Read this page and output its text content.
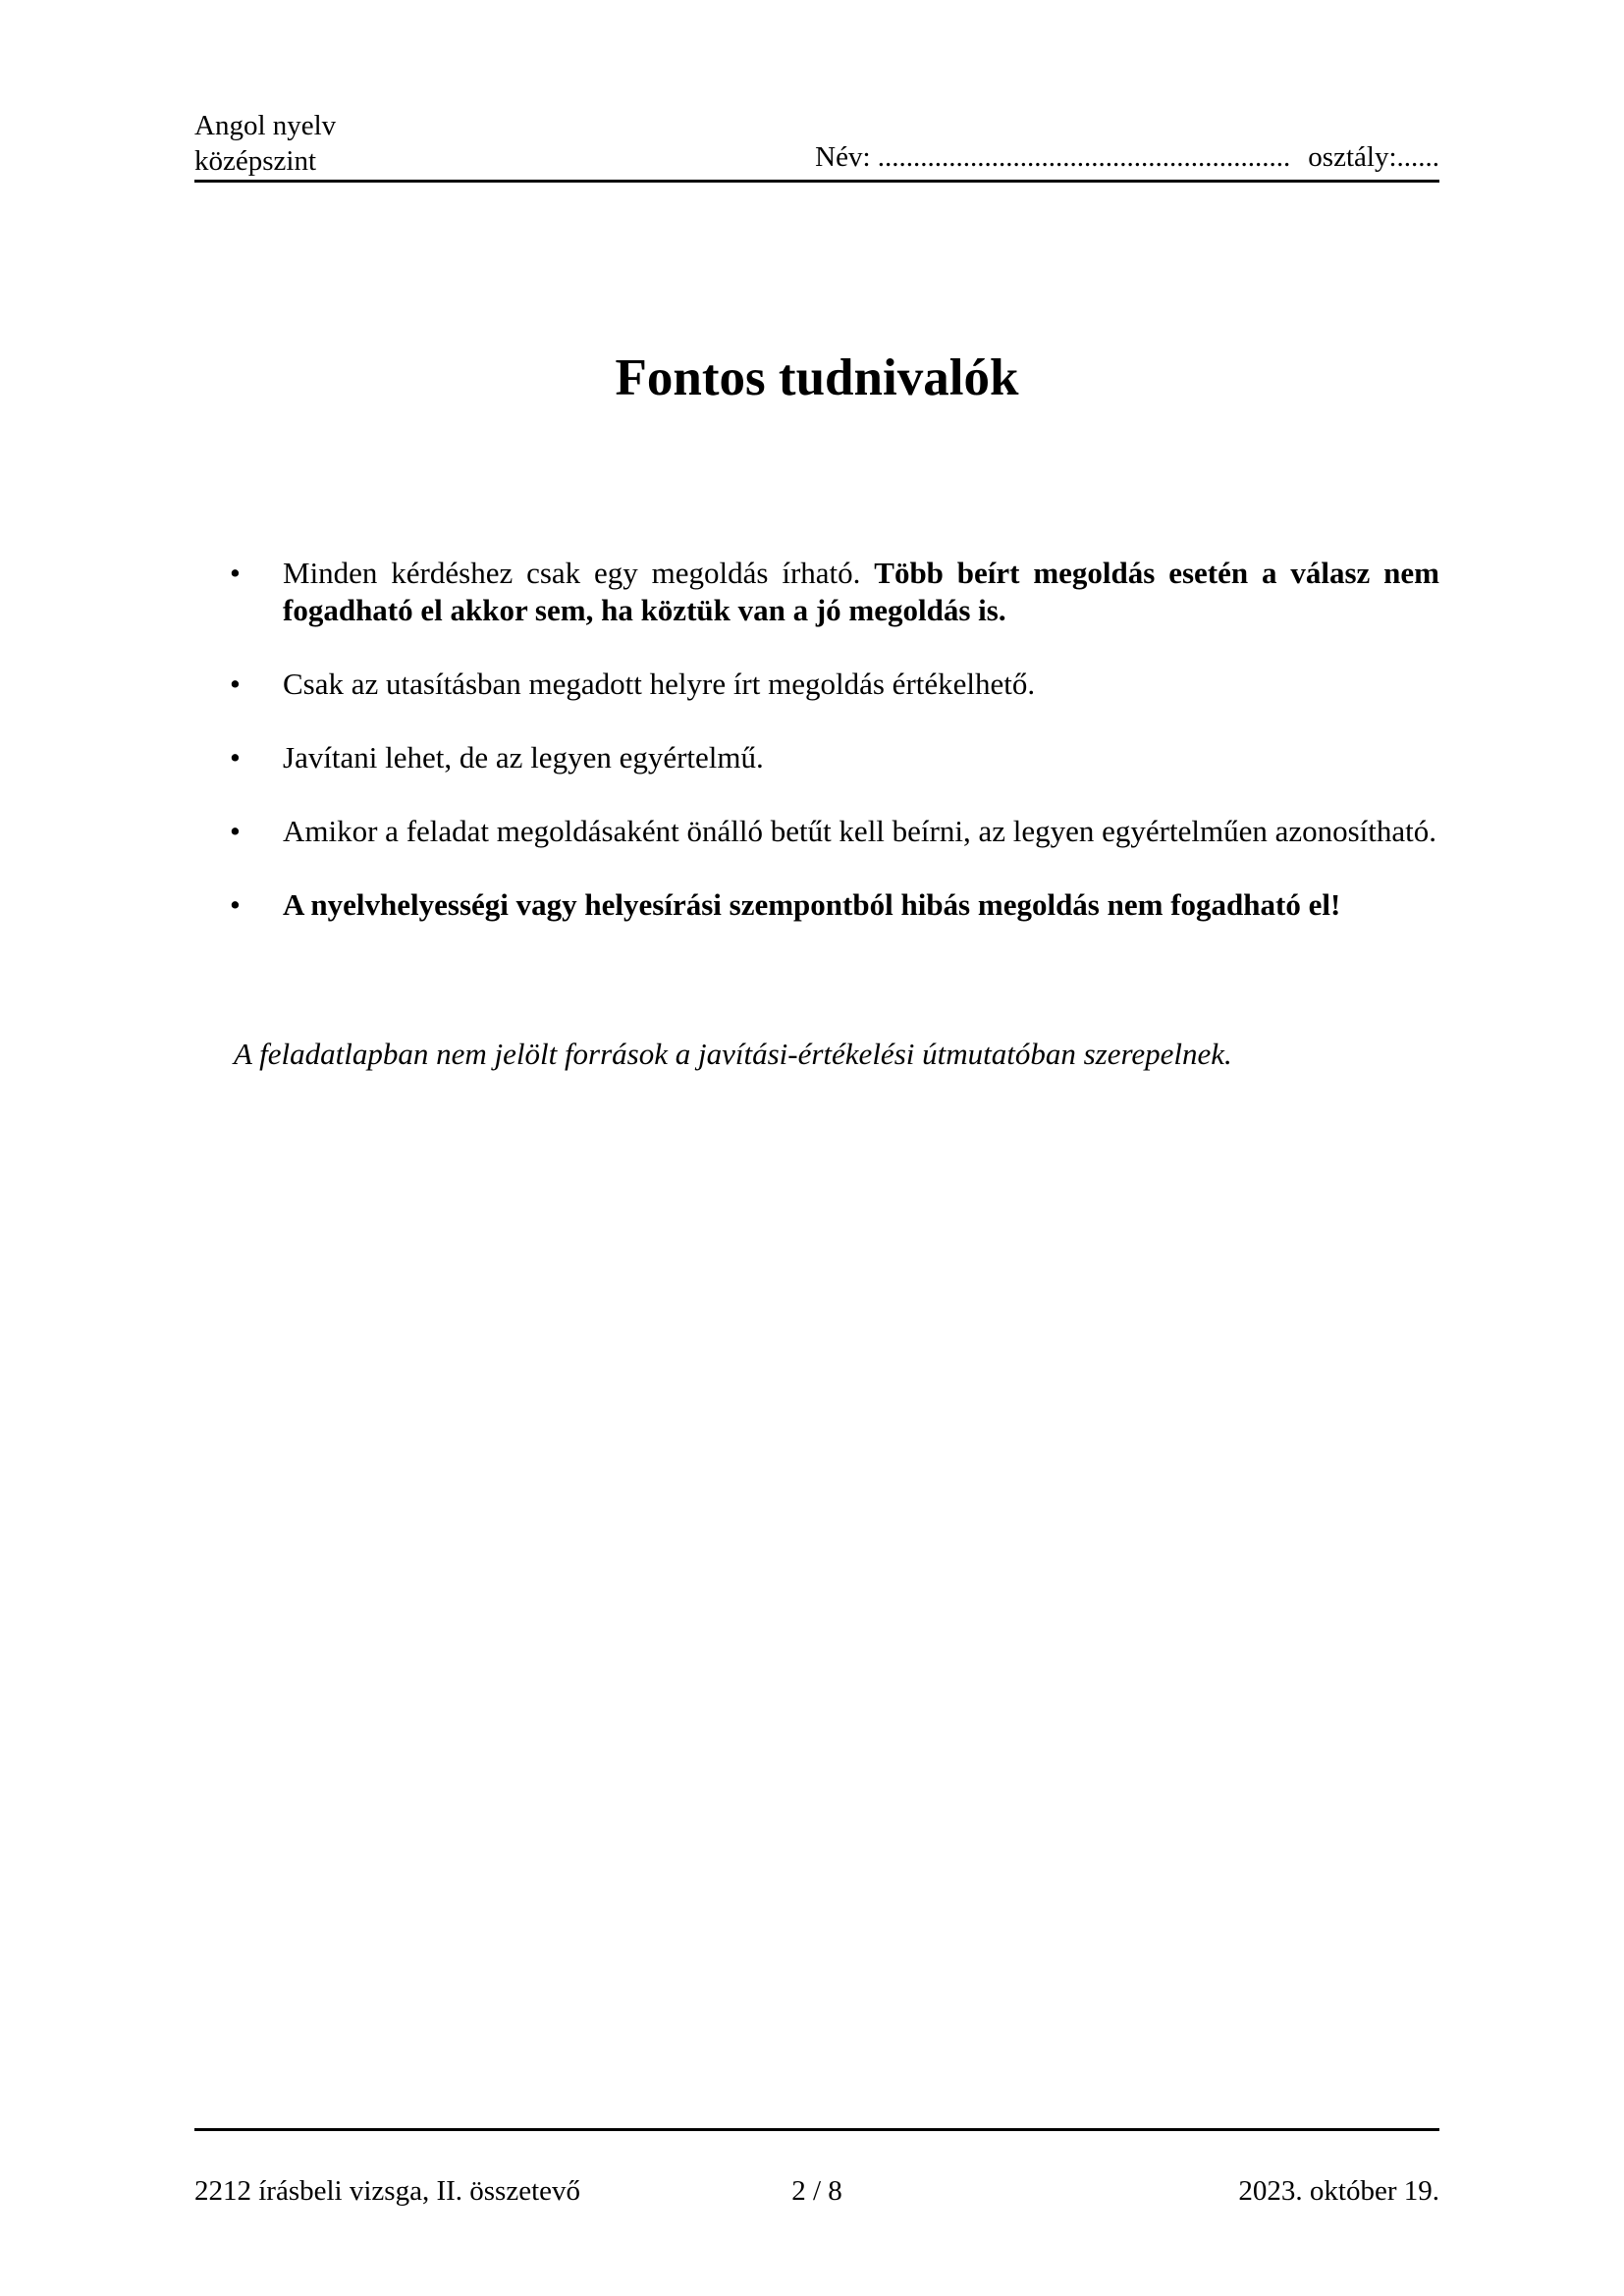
Angol nyelv
középszint	Név: .......................................................... osztály:......
Fontos tudnivalók
• Minden kérdéshez csak egy megoldás írható. Több beírt megoldás esetén a válasz nem fogadható el akkor sem, ha köztük van a jó megoldás is.
• Csak az utasításban megadott helyre írt megoldás értékelhető.
• Javítani lehet, de az legyen egyértelmű.
• Amikor a feladat megoldásaként önálló betűt kell beírni, az legyen egyértelműen azonosítható.
• A nyelvhelyességi vagy helyesírási szempontból hibás megoldás nem fogadható el!

A feladatlapban nem jelölt források a javítási-értékelési útmutatóban szerepelnek.

2212 írásbeli vizsga, II. összetevő	2 / 8	2023. október 19.
